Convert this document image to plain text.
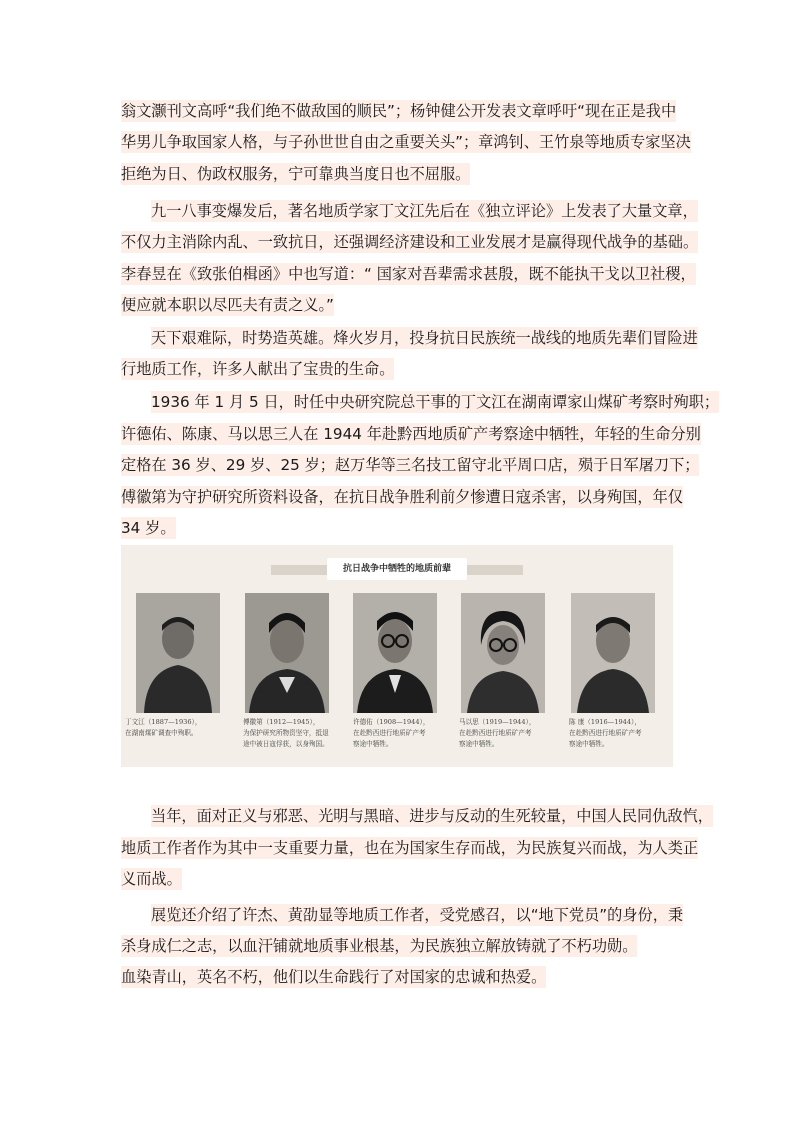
翁文灏刊文高呼“我们绝不做敌国的顺民”；杨钟健公开发表文章呼吁“现在正是我中
华男儿争取国家人格，与子孙世世自由之重要关头”；章鸿钊、王竹泉等地质专家坚决
拒绝为日、伪政权服务，宁可靠典当度日也不屈服。
九一八事变爆发后，著名地质学家丁文江先后在《独立评论》上发表了大量文章，
不仅力主消除内乱、一致抗日，还强调经济建设和工业发展才是赢得现代战争的基础。
李春昱在《致张伯楫函》中也写道：“ 国家对吾辈需求甚殷，既不能执干戈以卫社稷，
便应就本职以尽匹夫有责之义。”
天下艰难际，时势造英雄。烽火岁月，投身抗日民族统一战线的地质先辈们冒险进
行地质工作，许多人献出了宝贵的生命。
1936 年 1 月 5 日，时任中央研究院总干事的丁文江在湖南谭家山煤矿考察时殉职；
许德佑、陈康、马以思三人在 1944 年赴黔西地质矿产考察途中牺牲，年轻的生命分别
定格在 36 岁、29 岁、25 岁；赵万华等三名技工留守北平周口店，殒于日军屠刀下；
傅徽第为守护研究所资料设备，在抗日战争胜利前夕惨遭日寇杀害，以身殉国，年仅
34 岁。
抗日战争中牺牲的地质前辈
丁文江（1887—1936），
在湖南煤矿调查中殉职。
傅徽第（1912—1945），
为保护研究所物资坚守，抵退
途中被日寇俘获，以身殉国。
许德佑（1908—1944），
在赴黔西进行地质矿产考
察途中牺牲。
马以思（1919—1944），
在赴黔西进行地质矿产考
察途中牺牲。
陈 康（1916—1944），
在赴黔西进行地质矿产考
察途中牺牲。
当年，面对正义与邪恶、光明与黑暗、进步与反动的生死较量，中国人民同仇敌忾，
地质工作者作为其中一支重要力量，也在为国家生存而战，为民族复兴而战，为人类正
义而战。
展览还介绍了许杰、黄劭显等地质工作者，受党感召，以“地下党员”的身份，秉
杀身成仁之志，以血汗铺就地质事业根基，为民族独立解放铸就了不朽功勋。
血染青山，英名不朽，他们以生命践行了对国家的忠诚和热爱。
